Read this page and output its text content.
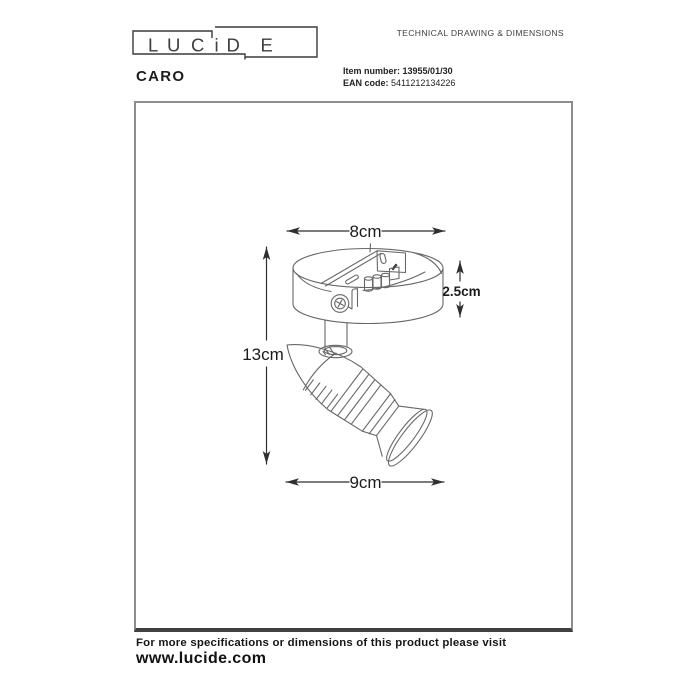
L U C i D E
TECHNICAL DRAWING & DIMENSIONS
CARO	Item number: 13955/01/30
EAN code: 5411212134226
8cm
2.5cm
13cm
9cm
For more specifications or dimensions of this product please visit
www.lucide.com
